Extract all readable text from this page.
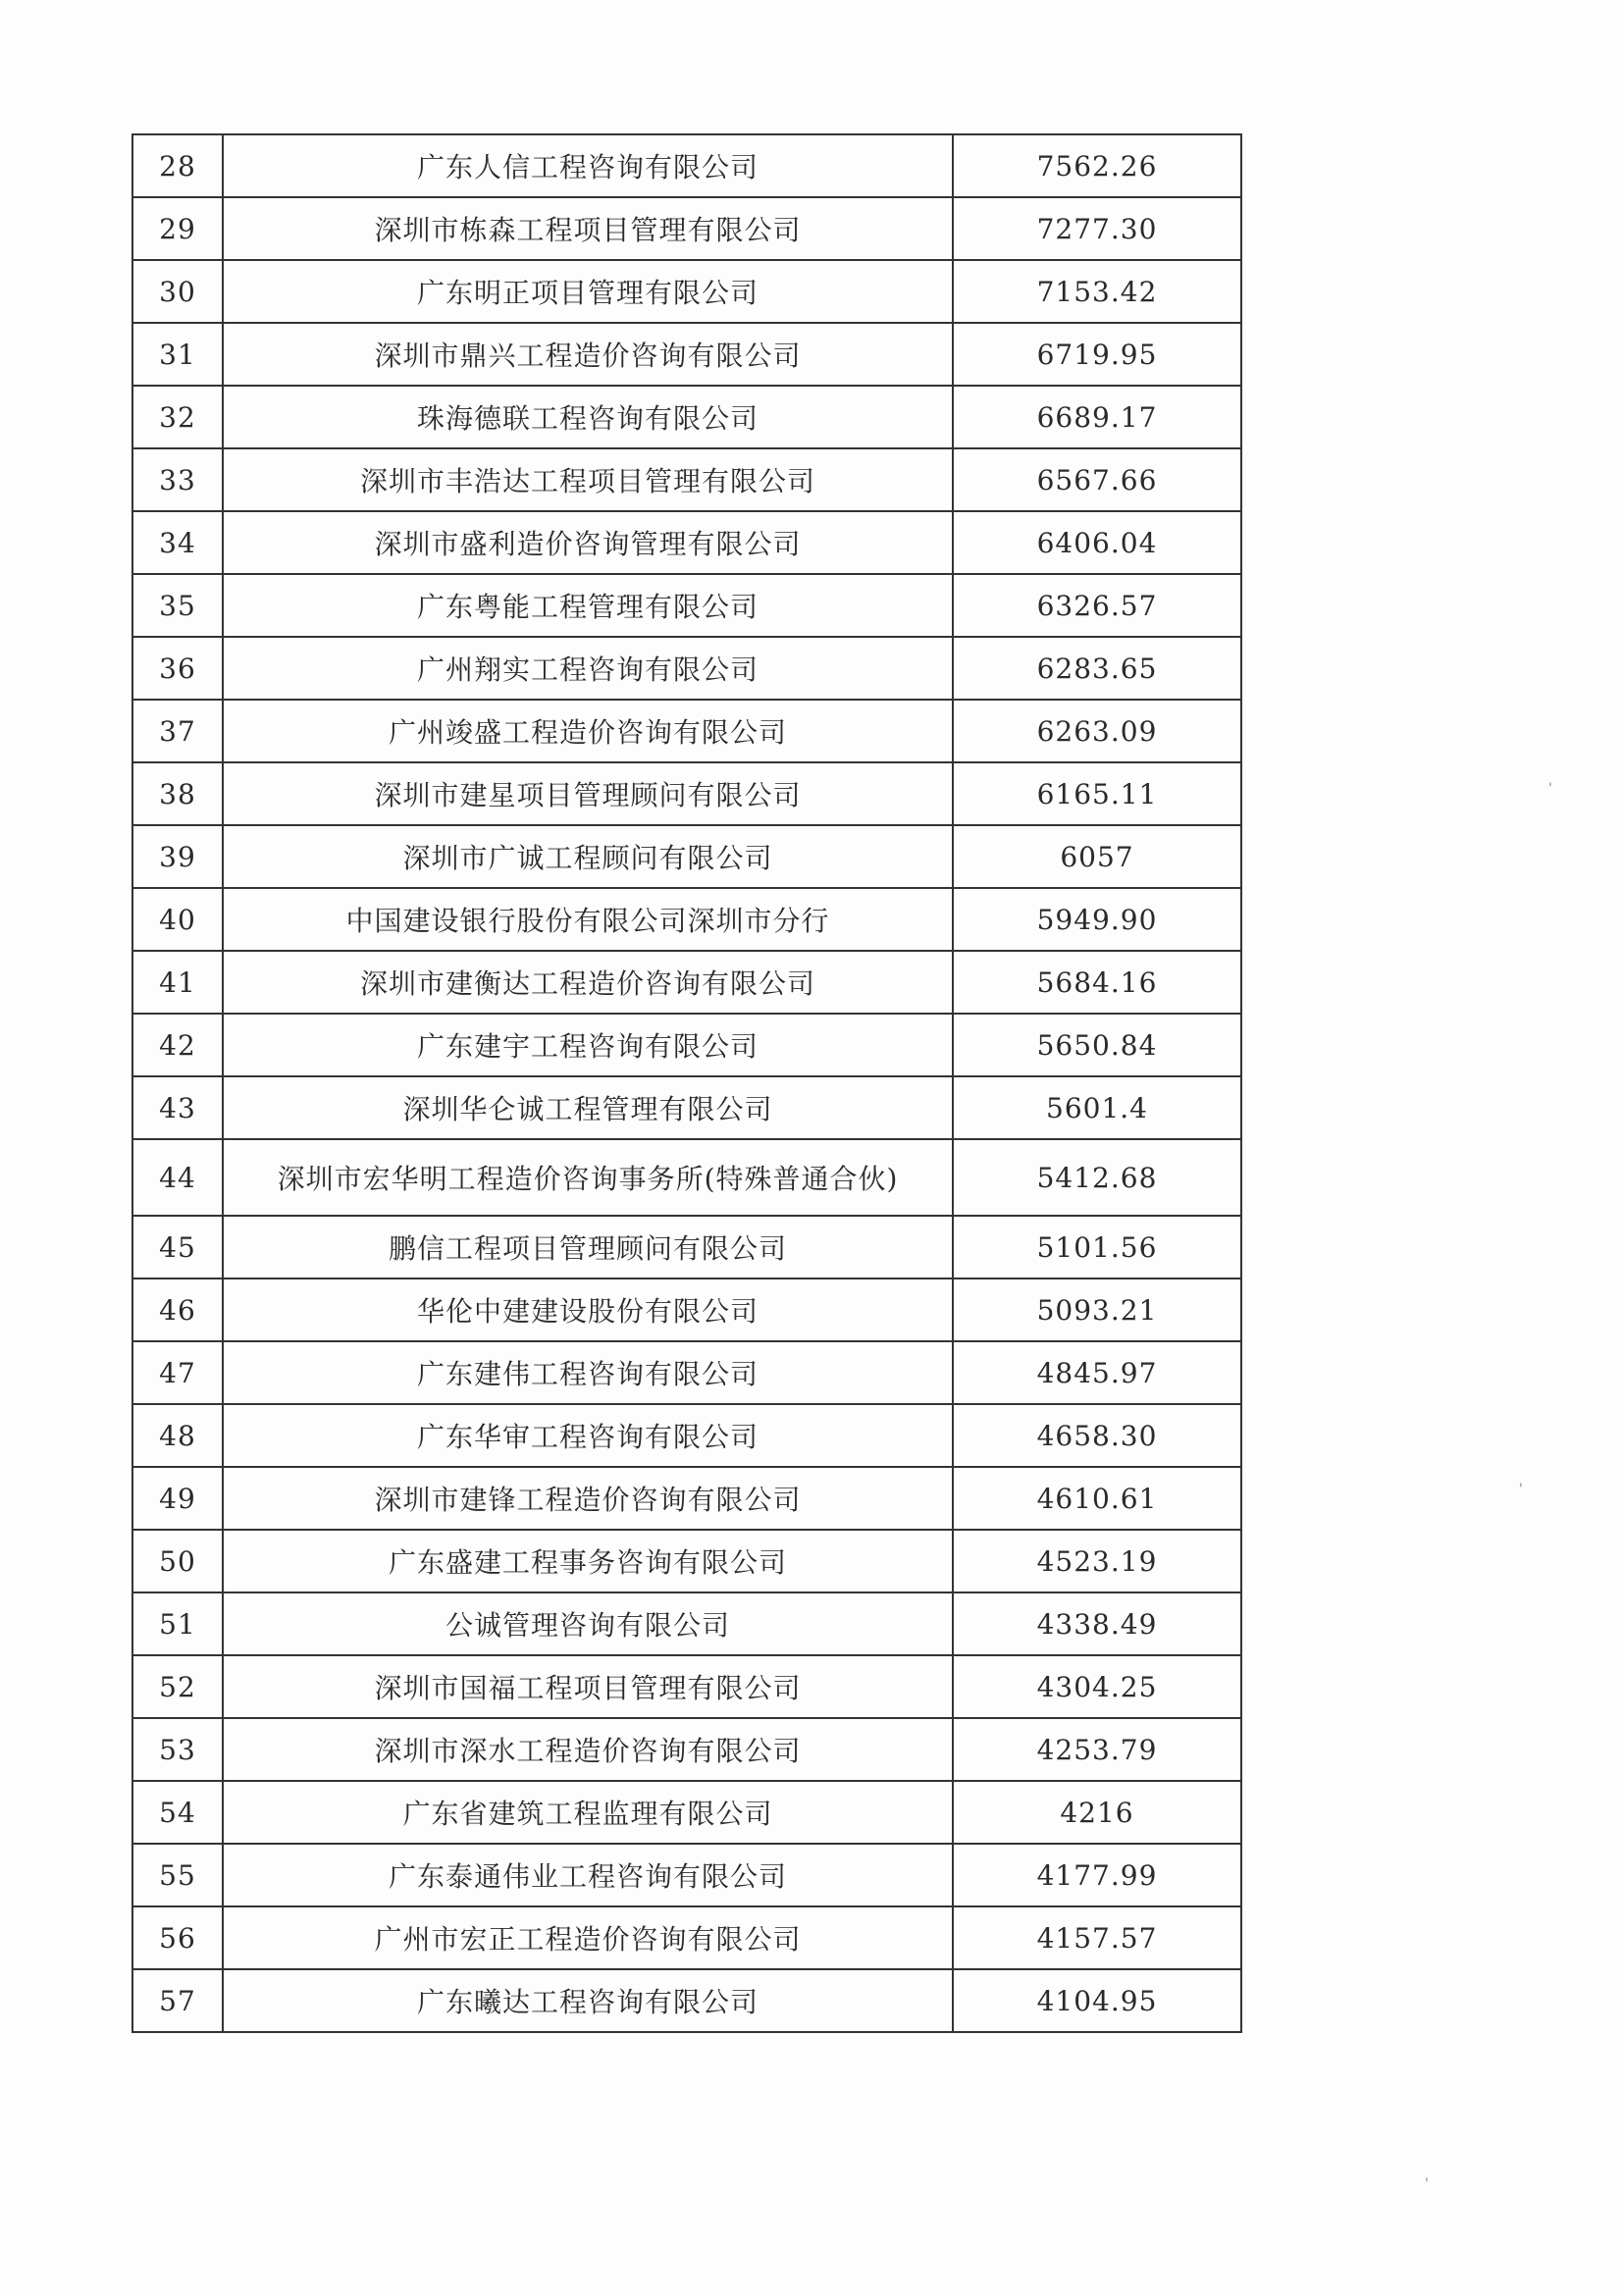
28	广东人信工程咨询有限公司	7562.26
29	深圳市栋森工程项目管理有限公司	7277.30
30	广东明正项目管理有限公司	7153.42
31	深圳市鼎兴工程造价咨询有限公司	6719.95
32	珠海德联工程咨询有限公司	6689.17
33	深圳市丰浩达工程项目管理有限公司	6567.66
34	深圳市盛利造价咨询管理有限公司	6406.04
35	广东粤能工程管理有限公司	6326.57
36	广州翔实工程咨询有限公司	6283.65
37	广州竣盛工程造价咨询有限公司	6263.09
38	深圳市建星项目管理顾问有限公司	6165.11
39	深圳市广诚工程顾问有限公司	6057
40	中国建设银行股份有限公司深圳市分行	5949.90
41	深圳市建衡达工程造价咨询有限公司	5684.16
42	广东建宇工程咨询有限公司	5650.84
43	深圳华仑诚工程管理有限公司	5601.4
44	深圳市宏华明工程造价咨询事务所(特殊普通合伙)	5412.68
45	鹏信工程项目管理顾问有限公司	5101.56
46	华伦中建建设股份有限公司	5093.21
47	广东建伟工程咨询有限公司	4845.97
48	广东华审工程咨询有限公司	4658.30
49	深圳市建锋工程造价咨询有限公司	4610.61
50	广东盛建工程事务咨询有限公司	4523.19
51	公诚管理咨询有限公司	4338.49
52	深圳市国福工程项目管理有限公司	4304.25
53	深圳市深水工程造价咨询有限公司	4253.79
54	广东省建筑工程监理有限公司	4216
55	广东泰通伟业工程咨询有限公司	4177.99
56	广州市宏正工程造价咨询有限公司	4157.57
57	广东曦达工程咨询有限公司	4104.95
'
'
'
